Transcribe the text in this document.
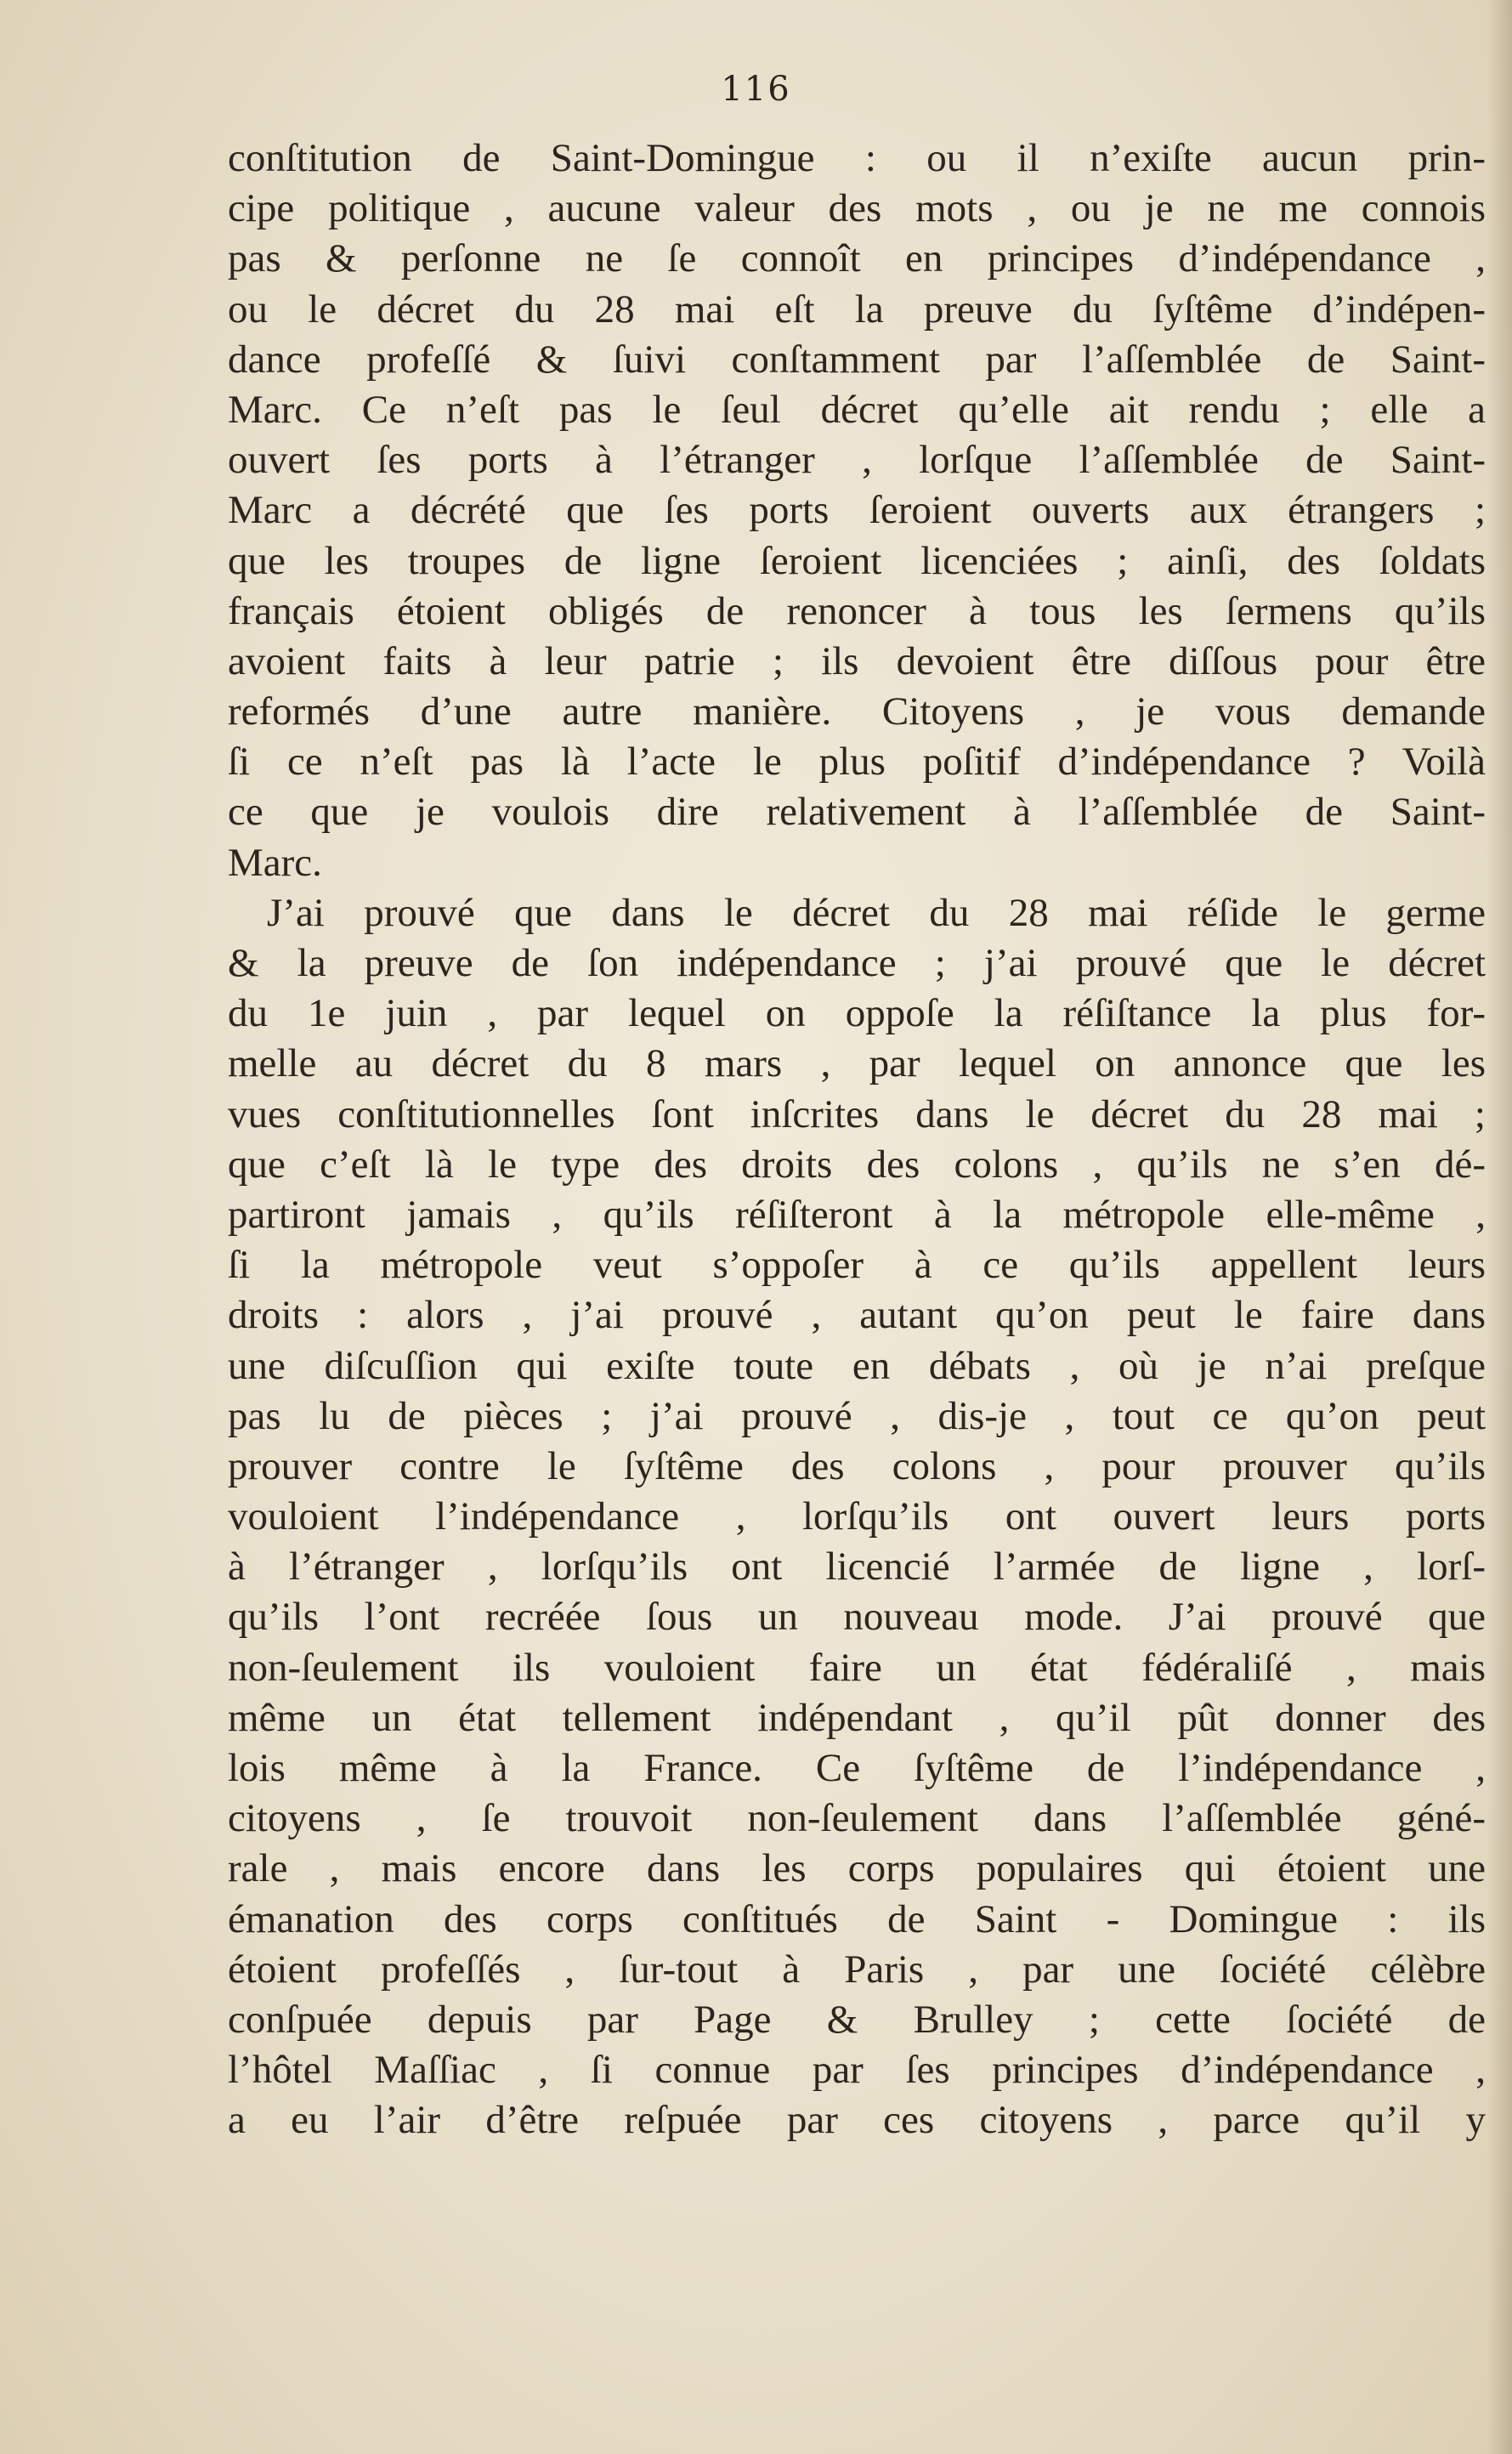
116
conſtitution de Saint-Domingue : ou il n’exiſte aucun prin-
cipe politique , aucune valeur des mots , ou je ne me connois
pas & perſonne ne ſe connoît en principes d’indépendance ,
ou le décret du 28 mai eſt la preuve du ſyſtême d’indépen-
dance profeſſé & ſuivi conſtamment par l’aſſemblée de Saint-
Marc. Ce n’eſt pas le ſeul décret qu’elle ait rendu ; elle a
ouvert ſes ports à l’étranger , lorſque l’aſſemblée de Saint-
Marc a décrété que ſes ports ſeroient ouverts aux étrangers ;
que les troupes de ligne ſeroient licenciées ; ainſi, des ſoldats
français étoient obligés de renoncer à tous les ſermens qu’ils
avoient faits à leur patrie ; ils devoient être diſſous pour être
reformés d’une autre manière. Citoyens , je vous demande
ſi ce n’eſt pas là l’acte le plus poſitif d’indépendance ? Voilà
ce que je voulois dire relativement à l’aſſemblée de Saint-
Marc.
J’ai prouvé que dans le décret du 28 mai réſide le germe
& la preuve de ſon indépendance ; j’ai prouvé que le décret
du 1e juin , par lequel on oppoſe la réſiſtance la plus for-
melle au décret du 8 mars , par lequel on annonce que les
vues conſtitutionnelles ſont inſcrites dans le décret du 28 mai ;
que c’eſt là le type des droits des colons , qu’ils ne s’en dé-
partiront jamais , qu’ils réſiſteront à la métropole elle-même ,
ſi la métropole veut s’oppoſer à ce qu’ils appellent leurs
droits : alors , j’ai prouvé , autant qu’on peut le faire dans
une diſcuſſion qui exiſte toute en débats , où je n’ai preſque
pas lu de pièces ; j’ai prouvé , dis-je , tout ce qu’on peut
prouver contre le ſyſtême des colons , pour prouver qu’ils
vouloient l’indépendance , lorſqu’ils ont ouvert leurs ports
à l’étranger , lorſqu’ils ont licencié l’armée de ligne , lorſ-
qu’ils l’ont recréée ſous un nouveau mode. J’ai prouvé que
non-ſeulement ils vouloient faire un état fédéraliſé , mais
même un état tellement indépendant , qu’il pût donner des
lois même à la France. Ce ſyſtême de l’indépendance ,
citoyens , ſe trouvoit non-ſeulement dans l’aſſemblée géné-
rale , mais encore dans les corps populaires qui étoient une
émanation des corps conſtitués de Saint - Domingue : ils
étoient profeſſés , ſur-tout à Paris , par une ſociété célèbre
conſpuée depuis par Page & Brulley ; cette ſociété de
l’hôtel Maſſiac , ſi connue par ſes principes d’indépendance ,
a eu l’air d’être reſpuée par ces citoyens , parce qu’il y
